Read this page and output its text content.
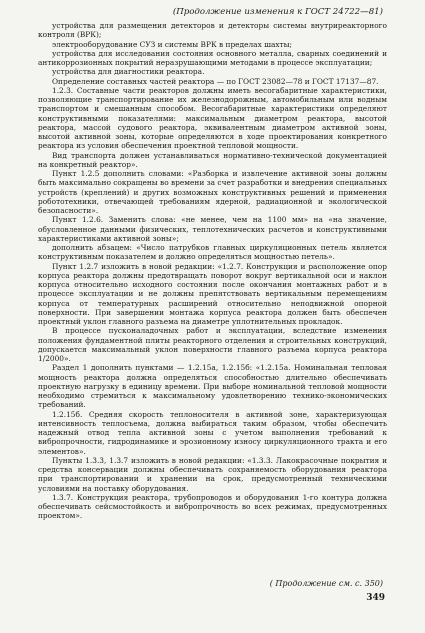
(Продолжение изменения к ГОСТ 24722—81)

устройства для размещения детекторов и детекторы системы внутриреакторного контроля (ВРК);

электрооборудование СУЗ и системы ВРК в пределах шахты;

устройства для исследования состояния основного металла, сварных соединений и антикоррозионных покрытий неразрушающими методами в процессе эксплуатации;

устройства для диагностики реактора.

Определение составных частей реактора — по ГОСТ 23082—78 и ГОСТ 17137—87.

1.2.3. Составные части реакторов должны иметь весогабаритные характеристики, позволяющие транспортирование их железнодорожным, автомобильным или водным транспортом и смешанным способом. Весогабаритные характеристики определяют конструктивными показателями: максимальным диаметром реактора, высотой реактора, массой судового реактора, эквивалентным диаметром активной зоны, высотой активной зоны, которые определяются в ходе проектирования конкретного реактора из условия обеспечения проектной тепловой мощности.

Вид транспорта должен устанавливаться нормативно-технической документацией на конкретный реактор».

Пункт 1.2.5 дополнить словами: «Разборка и извлечение активной зоны должны быть максимально сокращены во времени за счет разработки и внедрения специальных устройств (креплений) и других возможных конструктивных решений и применения робототехники, отвечающей требованиям ядерной, радиационной и экологической безопасности».

Пункт 1.2.6. Заменить слова: «не менее, чем на 1100 мм» на «на значение, обусловленное данными физических, теплотехнических расчетов и конструктивными характеристиками активной зоны»;

дополнить абзацем: «Число патрубков главных циркуляционных петель является конструктивным показателем и должно определяться мощностью петель».

Пункт 1.2.7 изложить в новой редакции: «1.2.7. Конструкция и расположение опор корпуса реактора должны предотвращать поворот вокруг вертикальной оси и наклон корпуса относительно исходного состояния после окончания монтажных работ и в процессе эксплуатации и не должны препятствовать вертикальным перемещениям корпуса от температурных расширений относительно неподвижной опорной поверхности. При завершении монтажа корпуса реактора должен быть обеспечен проектный уклон главного разъема на диаметре уплотнительных прокладок.

В процессе пусконаладочных работ и эксплуатации, вследствие изменения положения фундаментной плиты реакторного отделения и строительных конструкций, допускается максимальный уклон поверхности главного разъема корпуса реактора 1/2000».

Раздел 1 дополнить пунктами — 1.2.15а, 1.2.15б: «1.2.15а. Номинальная тепловая мощность реактора должна определяться способностью длительно обеспечивать проектную нагрузку в единицу времени. При выборе номинальной тепловой мощности необходимо стремиться к максимальному удовлетворению технико-экономических требований.

1.2.15б. Средняя скорость теплоносителя в активной зоне, характеризующая интенсивность теплосъема, должна выбираться таким образом, чтобы обеспечить надежный отвод тепла активной зоны с учетом выполнения требований к вибропрочности, гидродинамике и эрозионному износу циркуляционного тракта и его элементов».

Пункты 1.3.3, 1.3.7 изложить в новой редакции: «1.3.3. Лакокрасочные покрытия и средства консервации должны обеспечивать сохраняемость оборудования реактора при транспортировании и хранении на срок, предусмотренный техническими условиями на поставку оборудования.

1.3.7. Конструкция реактора, трубопроводов и оборудования 1-го контура должна обеспечивать сейсмостойкость и вибропрочность во всех режимах, предусмотренных проектом».

( Продолжение см. с. 350)
349
